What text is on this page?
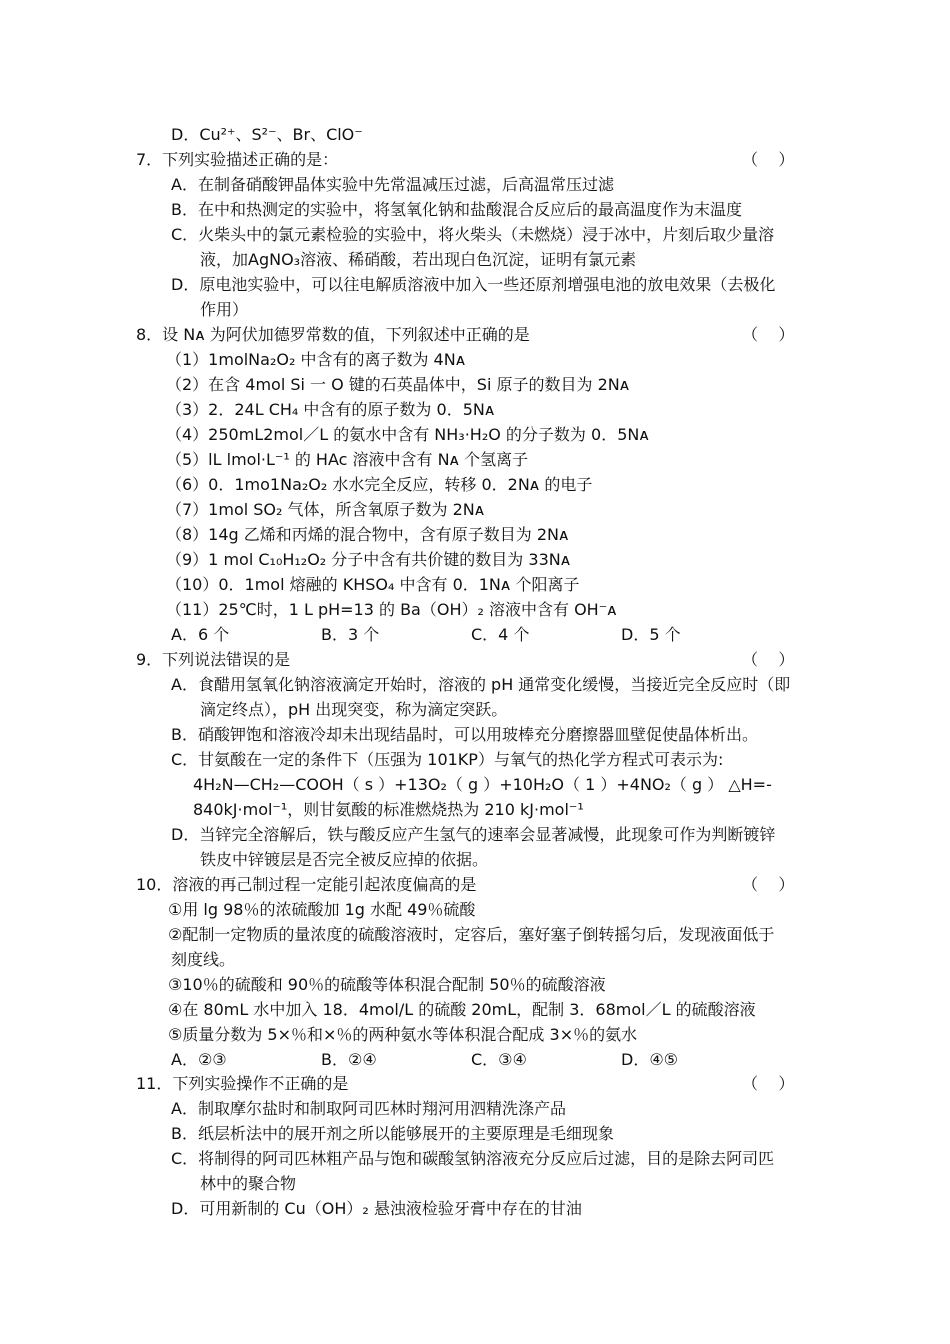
D．Cu²⁺、S²⁻、Br、ClO⁻
7．下列实验描述正确的是：	（    ）
A．在制备硝酸钾晶体实验中先常温减压过滤，后高温常压过滤
B．在中和热测定的实验中，将氢氧化钠和盐酸混合反应后的最高温度作为末温度
C．火柴头中的氯元素检验的实验中，将火柴头（未燃烧）浸于冰中，片刻后取少量溶
液，加AgNO₃溶液、稀硝酸，若出现白色沉淀，证明有氯元素
D．原电池实验中，可以往电解质溶液中加入一些还原剂增强电池的放电效果（去极化
作用）
8．设 Nᴀ 为阿伏加德罗常数的值，下列叙述中正确的是	（    ）
（1）1molNa₂O₂ 中含有的离子数为 4Nᴀ
（2）在含 4mol Si 一 O 键的石英晶体中，Si 原子的数目为 2Nᴀ
（3）2．24L CH₄ 中含有的原子数为 0．5Nᴀ
（4）250mL2mol／L 的氨水中含有 NH₃·H₂O 的分子数为 0．5Nᴀ
（5）lL lmol·L⁻¹ 的 HAc 溶液中含有 Nᴀ 个氢离子
（6）0．1mo1Na₂O₂ 水水完全反应，转移 0．2Nᴀ 的电子
（7）1mol SO₂ 气体，所含氧原子数为 2Nᴀ
（8）14g 乙烯和丙烯的混合物中，含有原子数目为 2Nᴀ
（9）1 mol C₁₀H₁₂O₂ 分子中含有共价键的数目为 33Nᴀ
（10）0．1mol 熔融的 KHSO₄ 中含有 0．1Nᴀ 个阳离子
（11）25℃时，1 L pH=13 的 Ba（OH）₂ 溶液中含有 OH⁻ᴀ
A．6 个	B．3 个	C．4 个	D．5 个
9．下列说法错误的是	（    ）
A．食醋用氢氧化钠溶液滴定开始时，溶液的 pH 通常变化缓慢，当接近完全反应时（即
滴定终点），pH 出现突变，称为滴定突跃。
B．硝酸钾饱和溶液冷却未出现结晶时，可以用玻棒充分磨擦器皿壁促使晶体析出。
C．甘氨酸在一定的条件下（压强为 101KP）与氧气的热化学方程式可表示为:
4H₂N—CH₂—COOH（ s ）+13O₂（ g ）+10H₂O（ 1 ）+4NO₂（ g ） △H=-
840kJ·mol⁻¹，则甘氨酸的标准燃烧热为 210 kJ·mol⁻¹
D．当锌完全溶解后，铁与酸反应产生氢气的速率会显著减慢，此现象可作为判断镀锌
铁皮中锌镀层是否完全被反应掉的依据。
10．溶液的再己制过程一定能引起浓度偏高的是	（    ）
①用 lg 98％的浓硫酸加 1g 水配 49％硫酸
②配制一定物质的量浓度的硫酸溶液时，定容后，塞好塞子倒转摇匀后，发现液面低于
刻度线。
③10％的硫酸和 90％的硫酸等体积混合配制 50％的硫酸溶液
④在 80mL 水中加入 18．4mol/L 的硫酸 20mL，配制 3．68mol／L 的硫酸溶液
⑤质量分数为 5×％和×％的两种氨水等体积混合配成 3×％的氨水
A．②③	B．②④	C．③④	D．④⑤
11．下列实验操作不正确的是	（    ）
A．制取摩尔盐时和制取阿司匹林时翔河用泗精洗涤产品
B．纸层析法中的展开剂之所以能够展开的主要原理是毛细现象
C．将制得的阿司匹林粗产品与饱和碳酸氢钠溶液充分反应后过滤，目的是除去阿司匹
林中的聚合物
D．可用新制的 Cu（OH）₂ 悬浊液检验牙膏中存在的甘油
